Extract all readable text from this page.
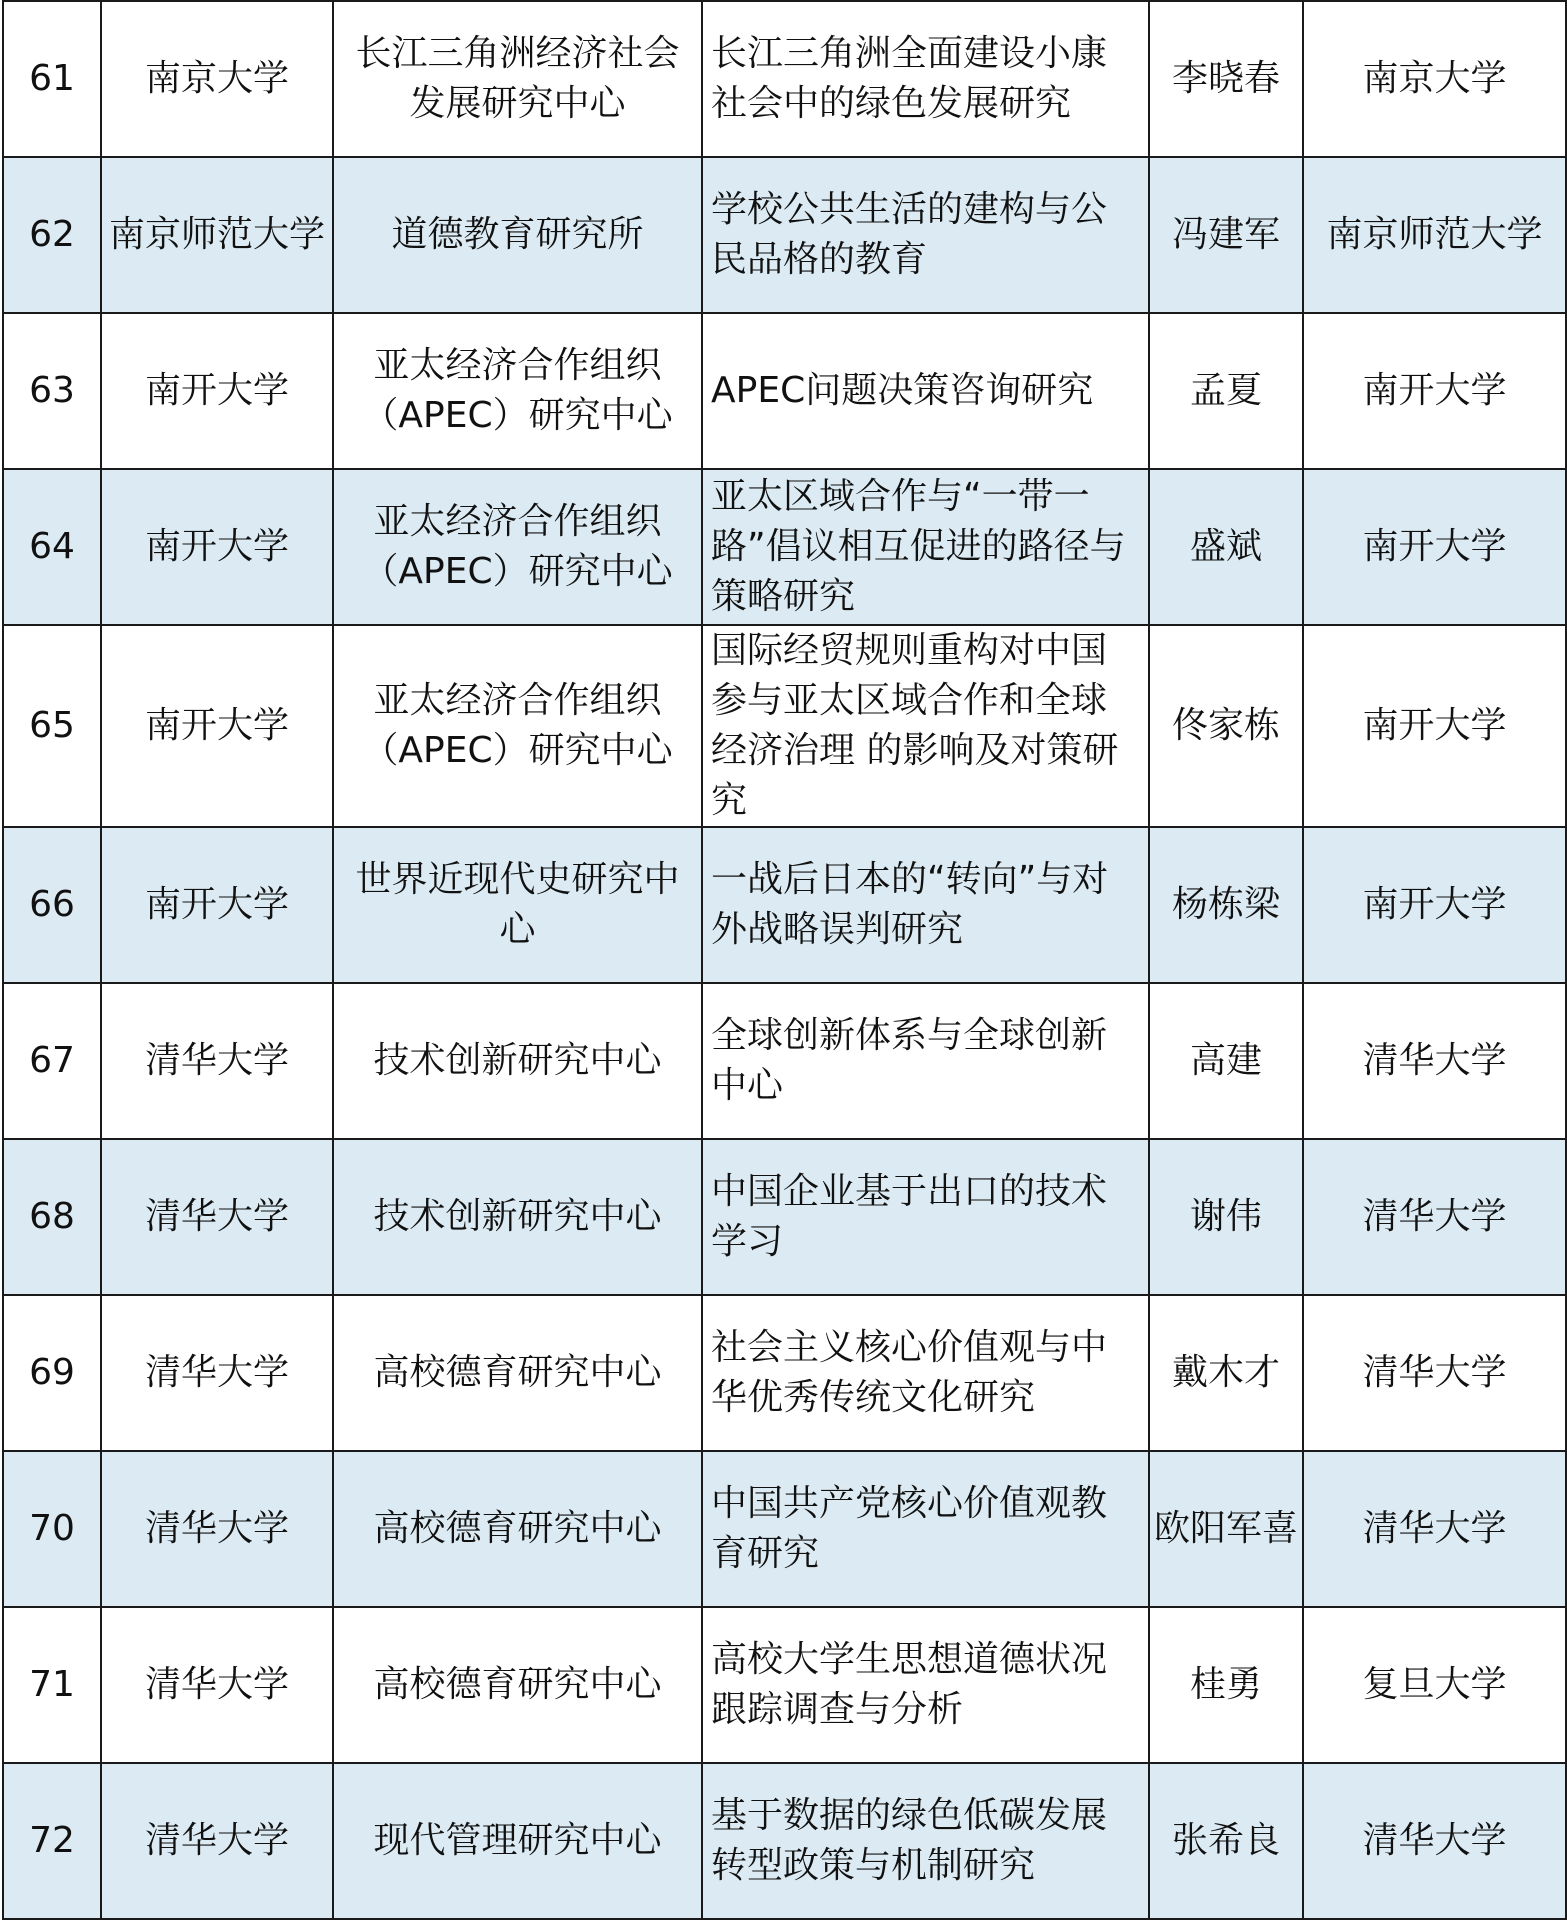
61	南京大学	长江三角洲经济社会发展研究中心	长江三角洲全面建设小康社会中的绿色发展研究	李晓春	南京大学
62	南京师范大学	道德教育研究所	学校公共生活的建构与公民品格的教育	冯建军	南京师范大学
63	南开大学	亚太经济合作组织（APEC）研究中心	APEC问题决策咨询研究	孟夏	南开大学
64	南开大学	亚太经济合作组织（APEC）研究中心	亚太区域合作与“一带一路”倡议相互促进的路径与策略研究	盛斌	南开大学
65	南开大学	亚太经济合作组织（APEC）研究中心	国际经贸规则重构对中国参与亚太区域合作和全球经济治理 的影响及对策研究	佟家栋	南开大学
66	南开大学	世界近现代史研究中心	一战后日本的“转向”与对外战略误判研究	杨栋梁	南开大学
67	清华大学	技术创新研究中心	全球创新体系与全球创新中心	高建	清华大学
68	清华大学	技术创新研究中心	中国企业基于出口的技术学习	谢伟	清华大学
69	清华大学	高校德育研究中心	社会主义核心价值观与中华优秀传统文化研究	戴木才	清华大学
70	清华大学	高校德育研究中心	中国共产党核心价值观教育研究	欧阳军喜	清华大学
71	清华大学	高校德育研究中心	高校大学生思想道德状况跟踪调查与分析	桂勇	复旦大学
72	清华大学	现代管理研究中心	基于数据的绿色低碳发展转型政策与机制研究	张希良	清华大学
